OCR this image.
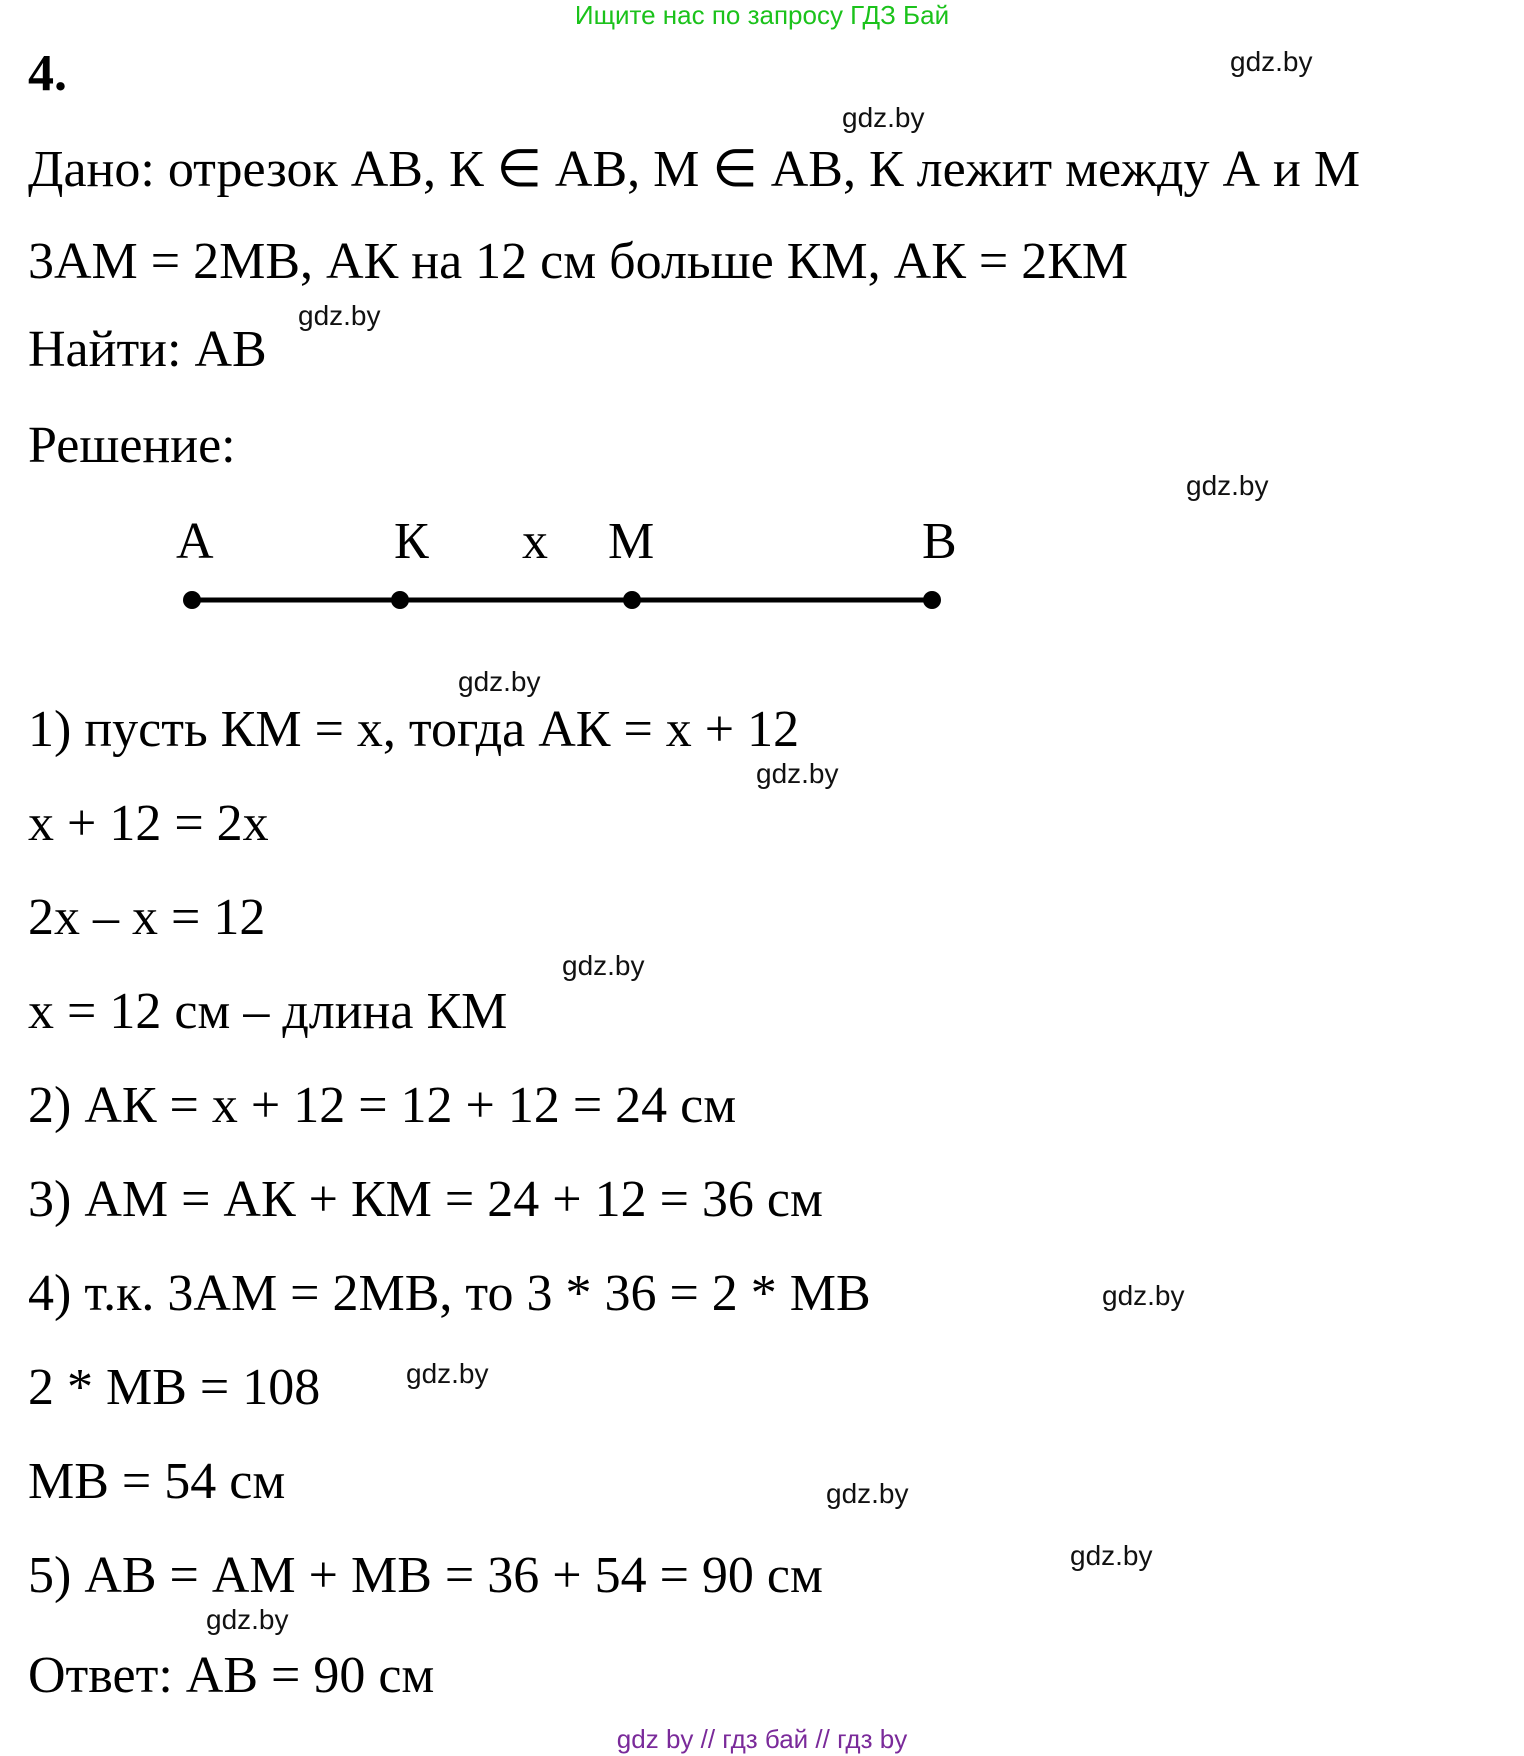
Ищите нас по запросу ГДЗ Бай
4.
Дано: отрезок АВ, К ∈ АВ, М ∈ АВ, К лежит между А и М
3АМ = 2МВ, АК на 12 см больше КМ, АК = 2КМ
Найти: АВ
Решение:
А	К x М	В
1) пусть КМ = x, тогда АК = x + 12
x + 12 = 2x
2x – x = 12
x = 12 см – длина КМ
2) АК = x + 12 = 12 + 12 = 24 см
3) АМ = АК + КМ = 24 + 12 = 36 см
4) т.к. 3АМ = 2МВ, то 3 * 36 = 2 * МВ
2 * МВ = 108
МВ = 54 см
5) АВ = АМ + МВ = 36 + 54 = 90 см
Ответ: АВ = 90 см
gdz.by
gdz.by
gdz.by
gdz.by
gdz.by
gdz.by
gdz.by
gdz.by
gdz.by
gdz.by
gdz.by
gdz.by
gdz by // гдз бай // гдз by
